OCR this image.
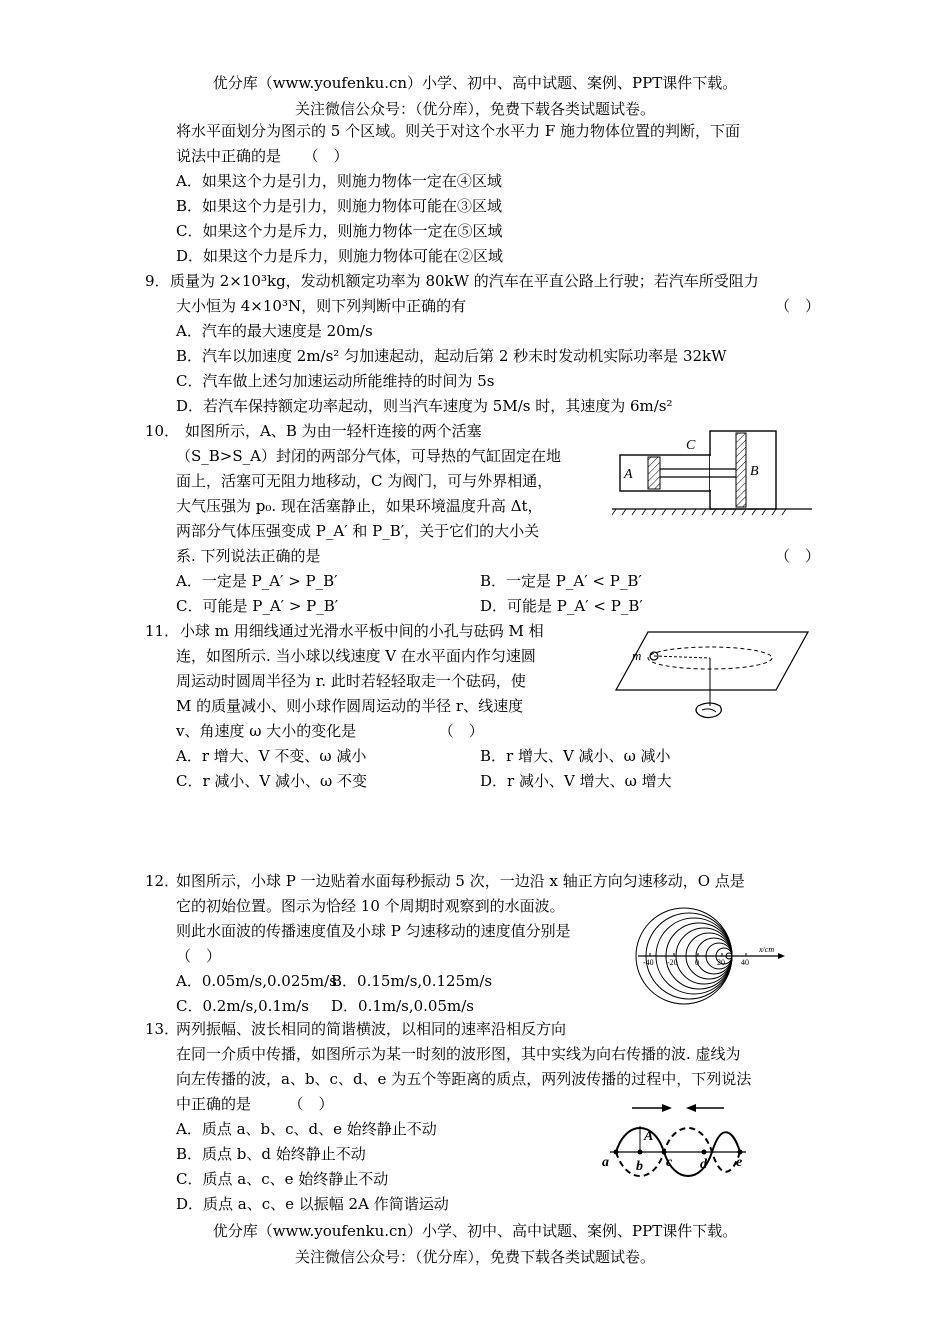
优分库（www.youfenku.cn）小学、初中、高中试题、案例、PPT课件下载。
关注微信公众号：（优分库），免费下载各类试题试卷。
将水平面划分为图示的 5 个区域。则关于对这个水平力 F 施力物体位置的判断，下面
说法中正确的是　　（　）
A．如果这个力是引力，则施力物体一定在④区域
B．如果这个力是引力，则施力物体可能在③区域
C．如果这个力是斥力，则施力物体一定在⑤区域
D．如果这个力是斥力，则施力物体可能在②区域
9． 质量为 2×10³kg，发动机额定功率为 80kW 的汽车在平直公路上行驶；若汽车所受阻力
大小恒为 4×10³N，则下列判断中正确的有	（　）
A．汽车的最大速度是 20m/s
B．汽车以加速度 2m/s² 匀加速起动，起动后第 2 秒末时发动机实际功率是 32kW
C．汽车做上述匀加速运动所能维持的时间为 5s
D．若汽车保持额定功率起动，则当汽车速度为 5M/s 时，其速度为 6m/s²
10． 如图所示，A、B 为由一轻杆连接的两个活塞
（S_B>S_A）封闭的两部分气体，可导热的气缸固定在地
面上，活塞可无阻力地移动，C 为阀门，可与外界相通，
大气压强为 p₀. 现在活塞静止，如果环境温度升高 Δt，
两部分气体压强变成 P_A′ 和 P_B′，关于它们的大小关
系. 下列说法正确的是	（　）
A．一定是 P_A′ > P_B′	B．一定是 P_A′ < P_B′
C．可能是 P_A′ > P_B′	D．可能是 P_A′ < P_B′
A
C
B
11． 小球 m 用细线通过光滑水平板中间的小孔与砝码 M 相
连，如图所示. 当小球以线速度 V 在水平面内作匀速圆
周运动时圆周半径为 r. 此时若轻轻取走一个砝码，使
M 的质量减小、则小球作圆周运动的半径 r、线速度
v、角速度 ω 大小的变化是　　　　　　（　）
A．r 增大、V 不变、ω 减小	B．r 增大、V 减小、ω 减小
C．r 减小、V 减小、ω 不变	D．r 减小、V 增大、ω 增大
m
12．
如图所示，小球 P 一边贴着水面每秒振动 5 次，一边沿 x 轴正方向匀速移动，O 点是
它的初始位置。图示为恰经 10 个周期时观察到的水面波。
则此水面波的传播速度值及小球 P 匀速移动的速度值分别是
（　）
A．0.05m/s,0.025m/s
B．0.15m/s,0.125m/s
C．0.2m/s,0.1m/s D．0.1m/s,0.05m/s
-40 -20 0 20 40
x/cm
13．
两列振幅、波长相同的简谐横波，以相同的速率沿相反方向
在同一介质中传播，如图所示为某一时刻的波形图，其中实线为向右传播的波. 虚线为
向左传播的波，a、b、c、d、e 为五个等距离的质点，两列波传播的过程中，下列说法
中正确的是　　　（　）
A．质点 a、b、c、d、e 始终静止不动
B．质点 b、d 始终静止不动
C．质点 a、c、e 始终静止不动
D．质点 a、c、e 以振幅 2A 作简谐运动
a b c d e
A
优分库（www.youfenku.cn）小学、初中、高中试题、案例、PPT课件下载。
关注微信公众号：（优分库），免费下载各类试题试卷。
